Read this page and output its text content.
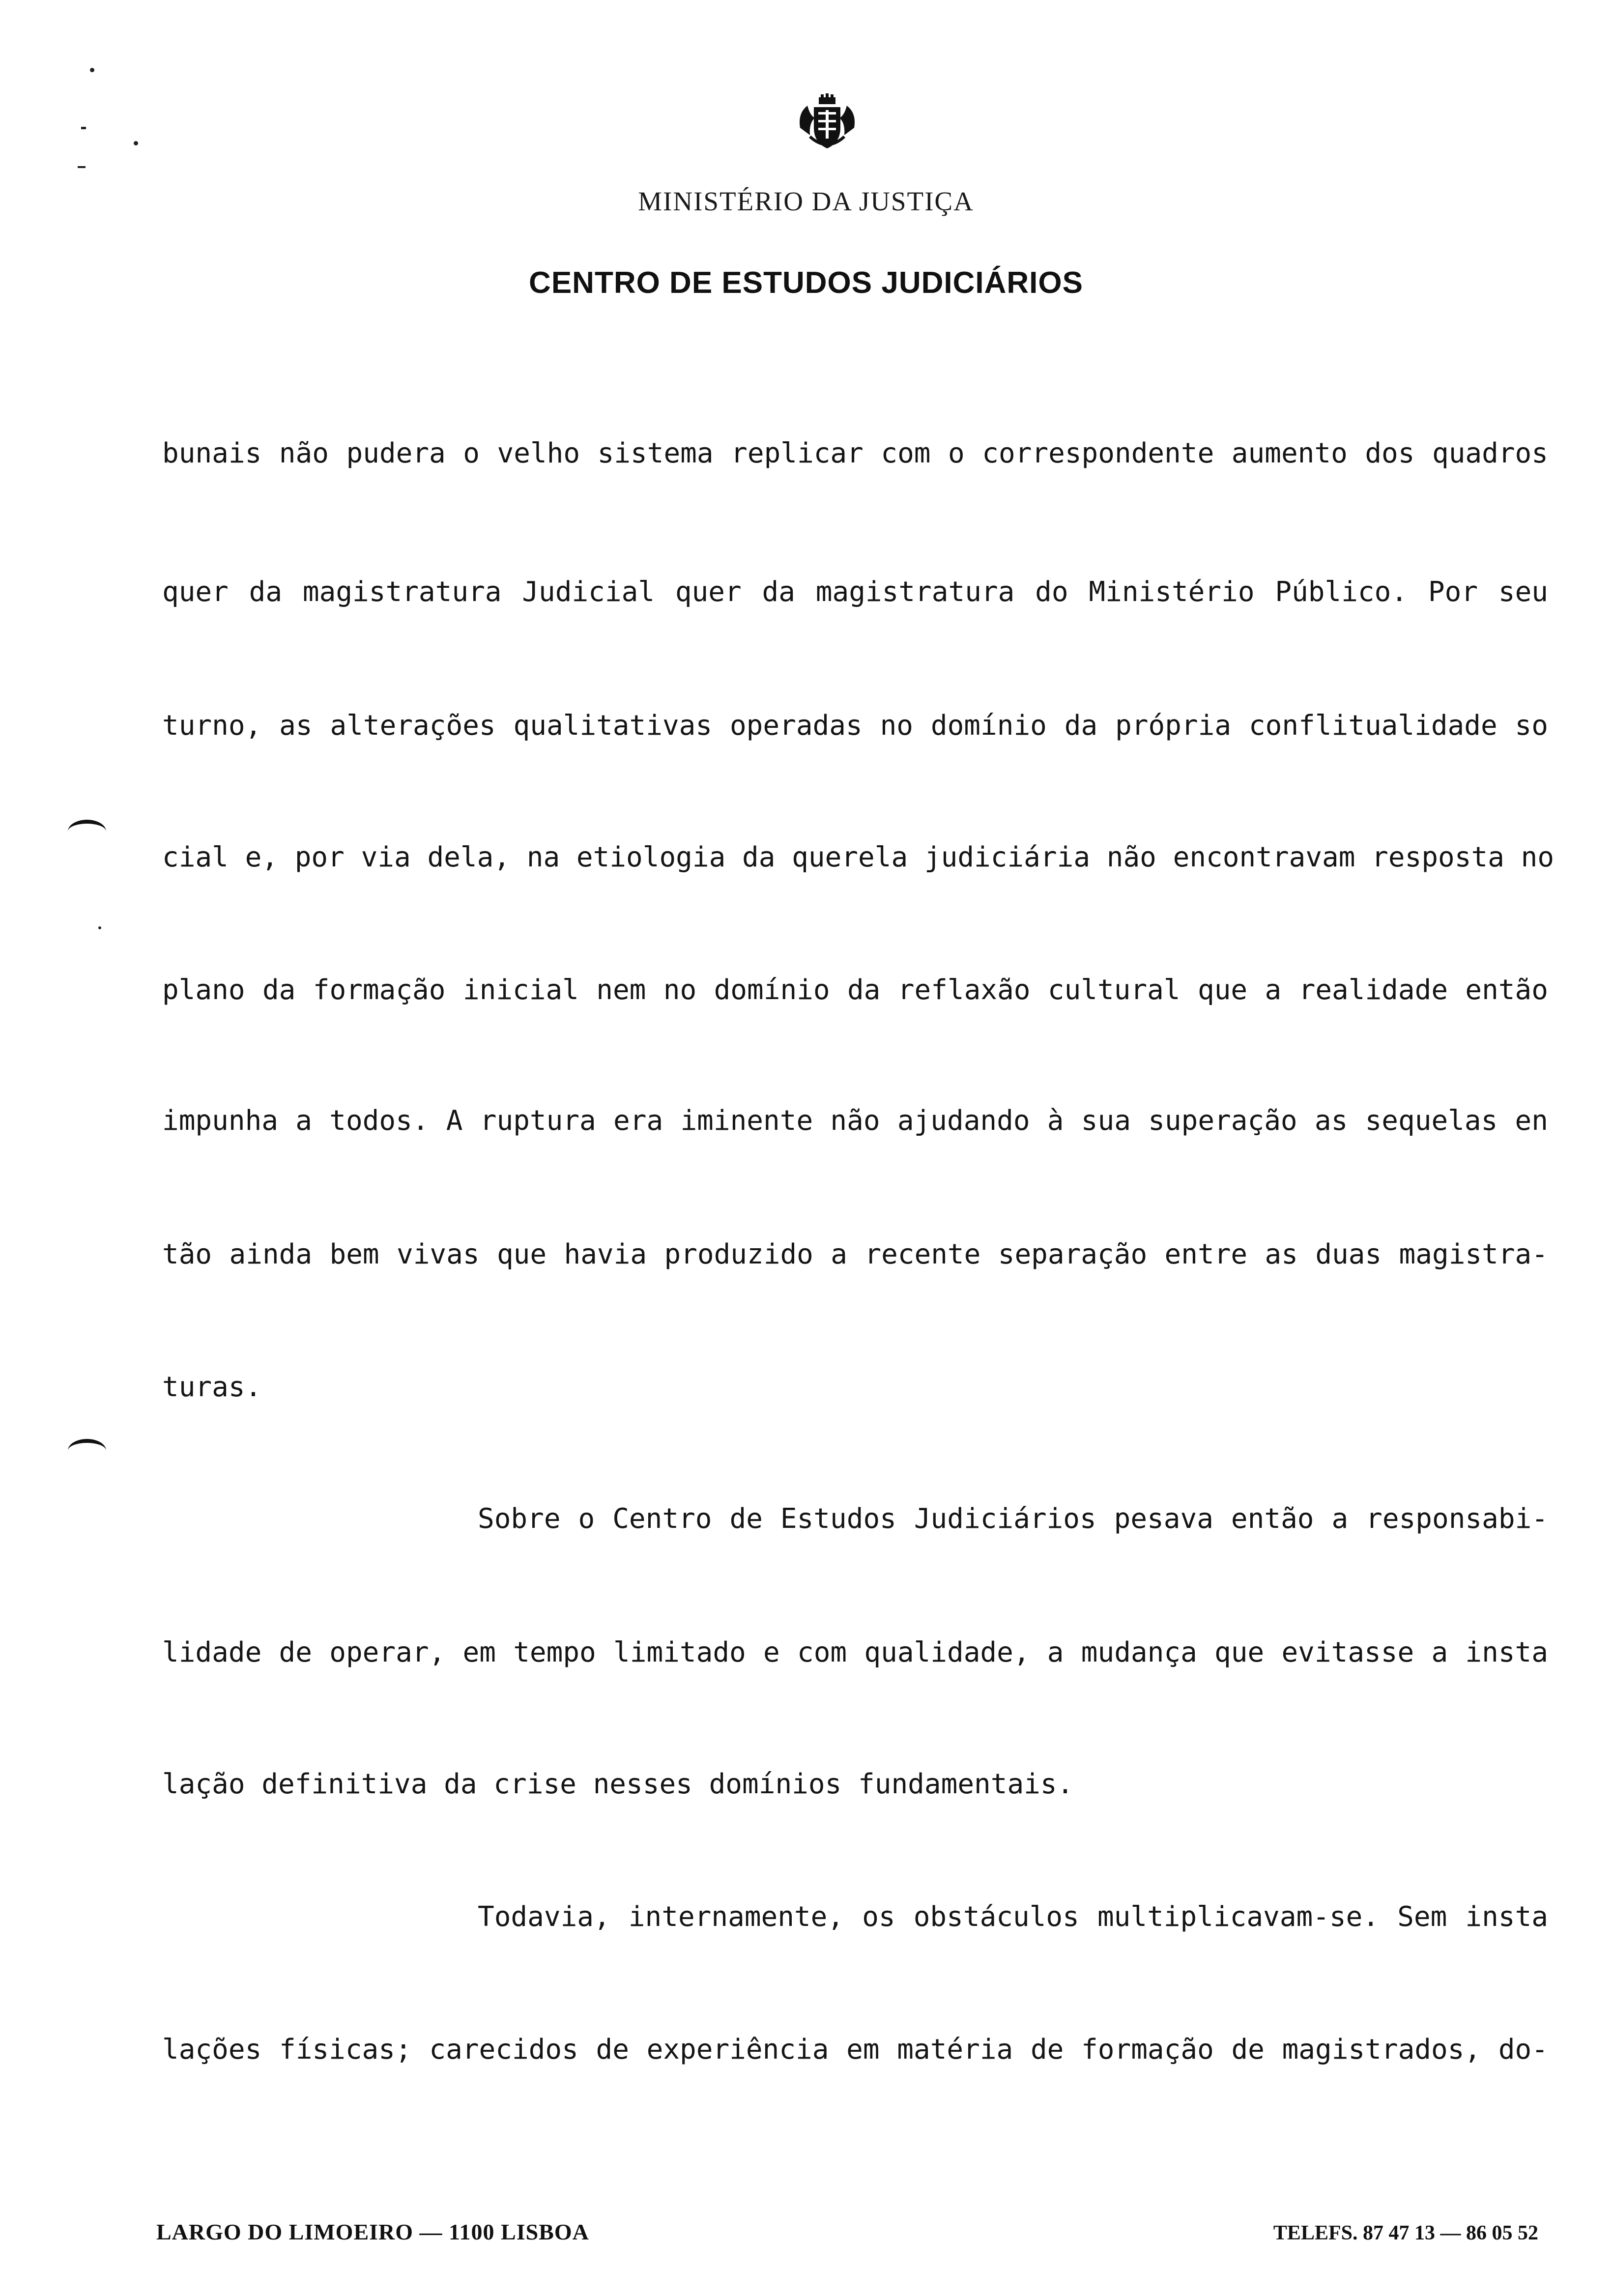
MINISTÉRIO DA JUSTIÇA
CENTRO DE ESTUDOS JUDICIÁRIOS
bunais não pudera o velho sistema replicar com o correspondente aumento dos quadros
quer da magistratura Judicial quer da magistratura do Ministério Público. Por seu
turno, as alterações qualitativas operadas no domínio da própria conflitualidade so
cial e, por via dela, na etiologia da querela judiciária não encontravam resposta no
plano da formação inicial nem no domínio da reflaxão cultural que a realidade então
impunha a todos. A ruptura era iminente não ajudando à sua superação as sequelas en
tão ainda bem vivas que havia produzido a recente separação entre as duas magistra-
turas.
Sobre o Centro de Estudos Judiciários pesava então a responsabi-
lidade de operar, em tempo limitado e com qualidade, a mudança que evitasse a insta
lação definitiva da crise nesses domínios fundamentais.
Todavia, internamente, os obstáculos multiplicavam-se. Sem insta
lações físicas; carecidos de experiência em matéria de formação de magistrados, do-
LARGO DO LIMOEIRO — 1100 LISBOA	TELEFS. 87 47 13 — 86 05 52
